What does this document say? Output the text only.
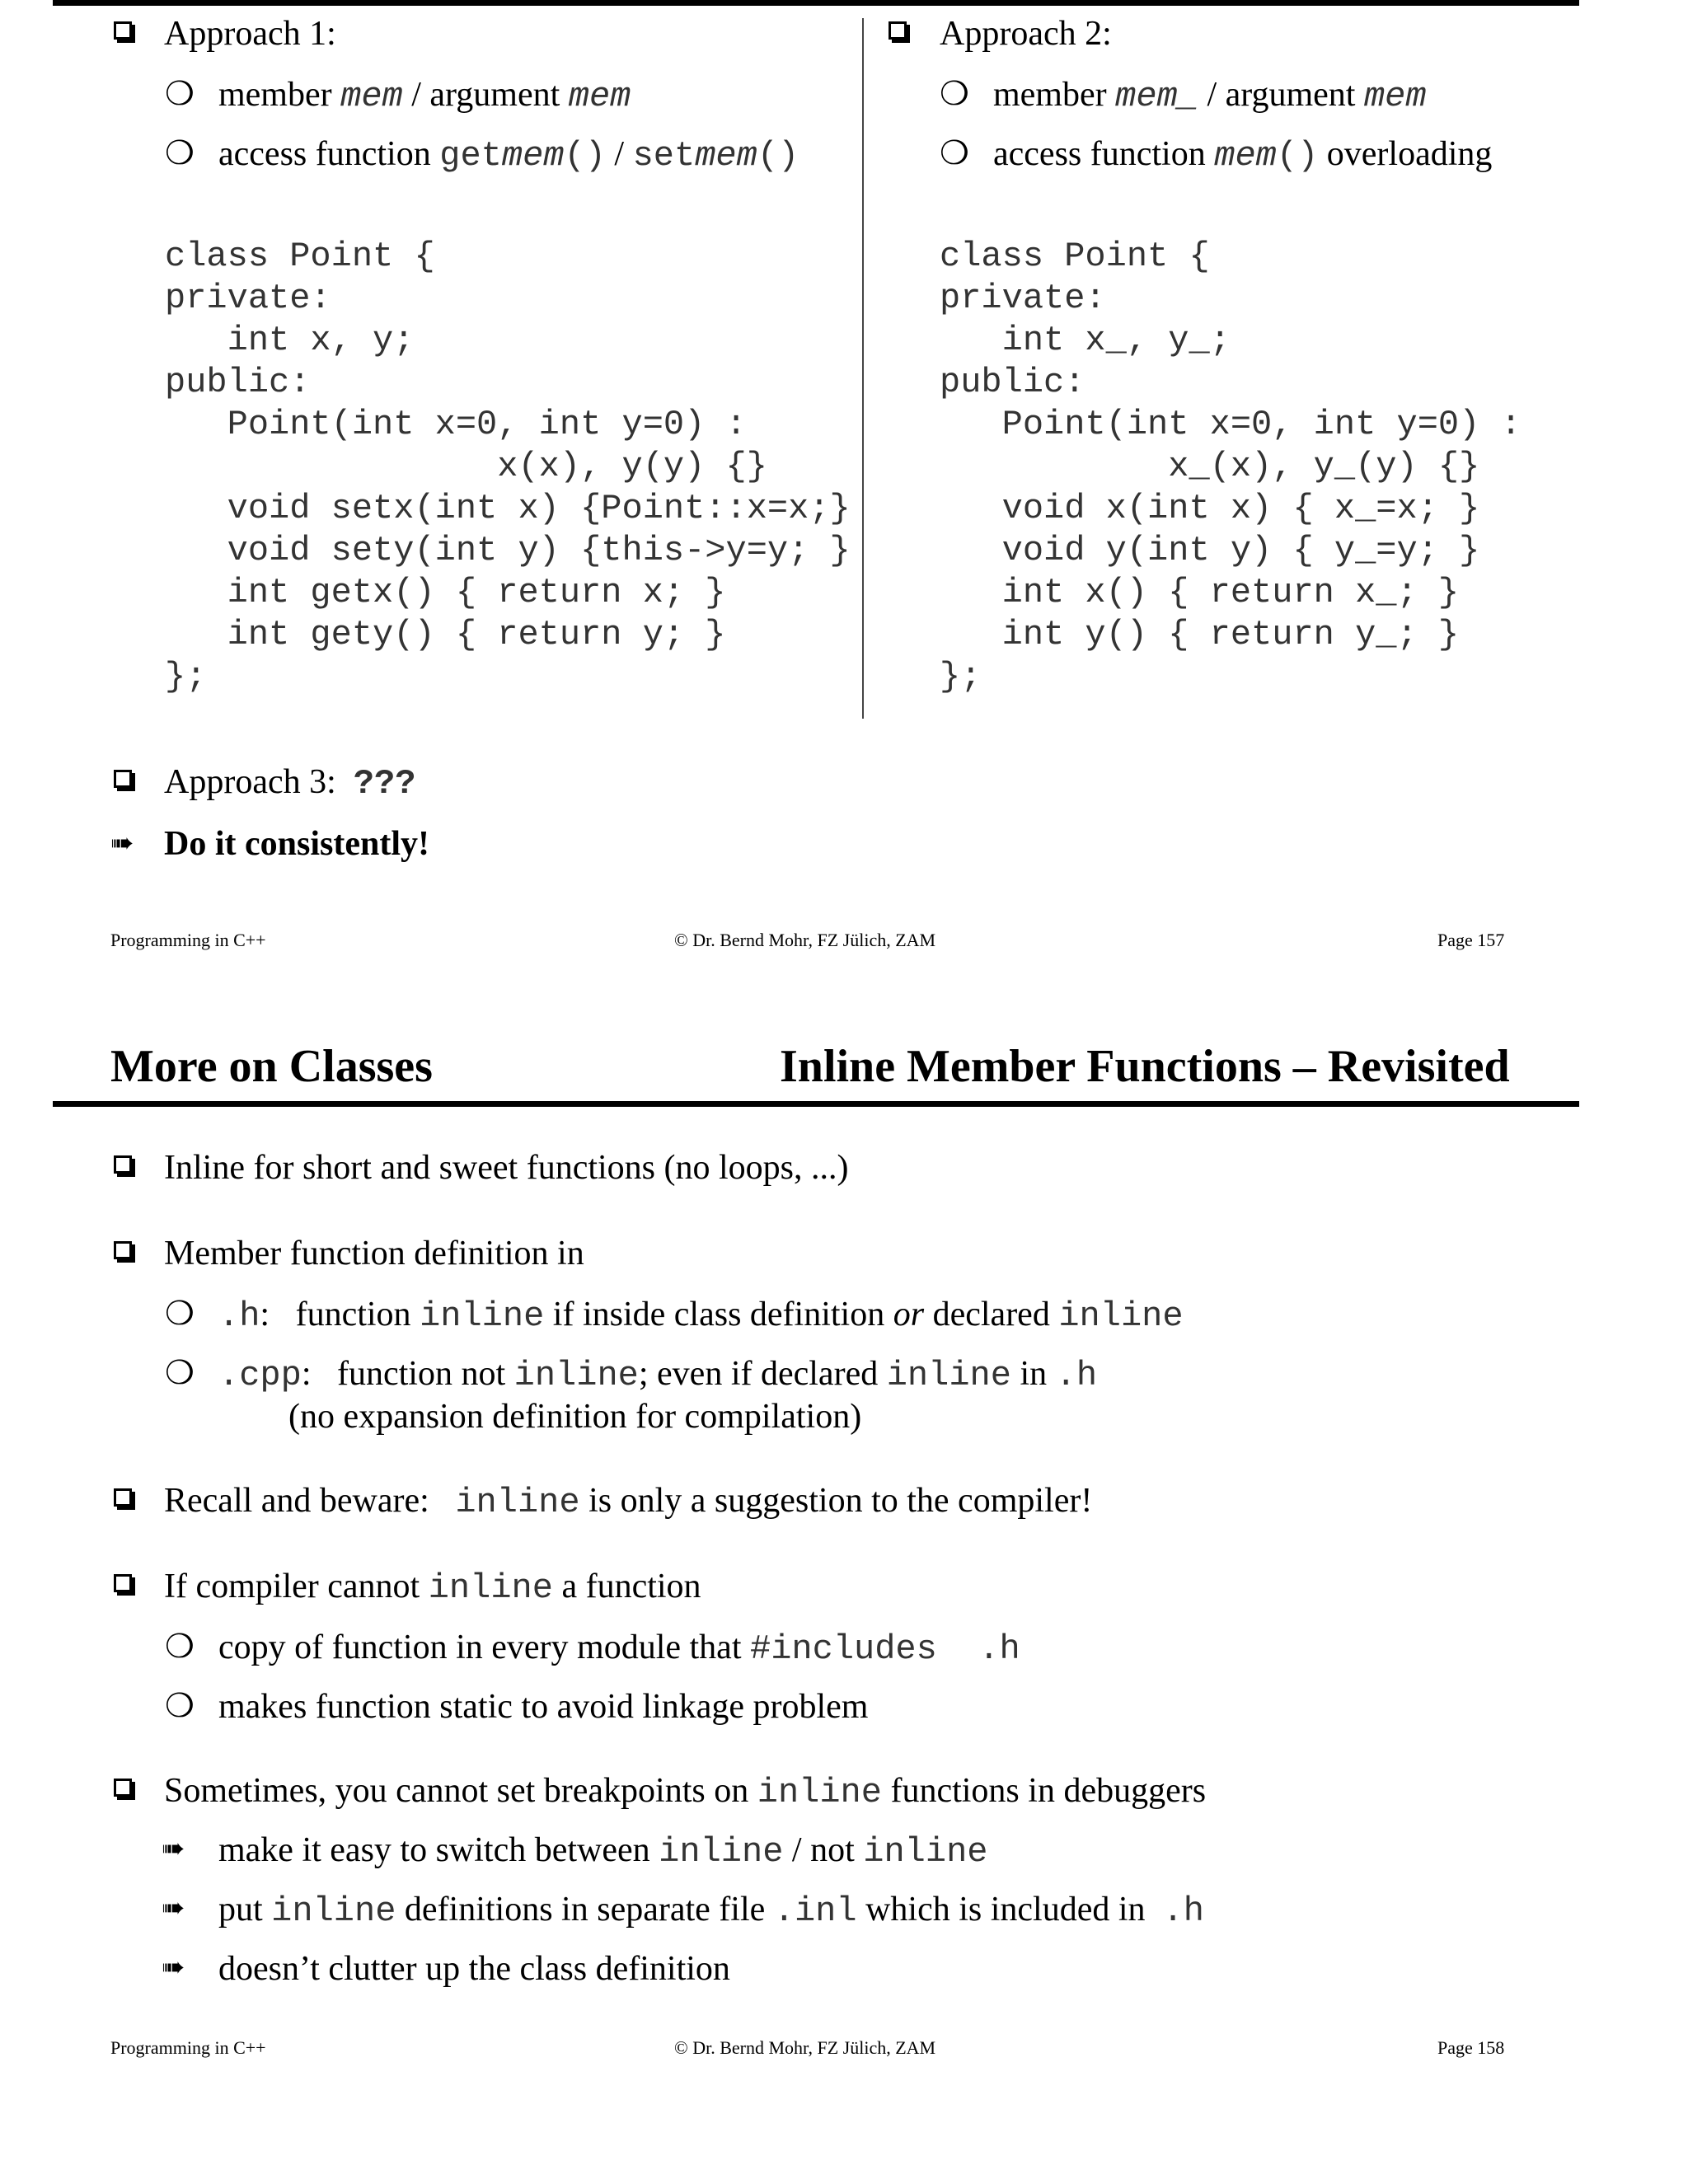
Approach 1:
❍ member mem / argument mem
❍ access function getmem() / setmem()
class Point {
private:
int x, y;
public:
Point(int x=0, int y=0) :
x(x), y(y) {}
void setx(int x) {Point::x=x;}
void sety(int y) {this->y=y; }
int getx() { return x; }
int gety() { return y; }
};
Approach 2:
❍ member mem_ / argument mem
❍ access function mem() overloading
class Point {
private:
int x_, y_;
public:
Point(int x=0, int y=0) :
x_(x), y_(y) {}
void x(int x) { x_=x; }
void y(int y) { y_=y; }
int x() { return x_; }
int y() { return y_; }
};
Approach 3: ???
➠ Do it consistently!
Programming in C++	© Dr. Bernd Mohr, FZ Jülich, ZAM	Page 157
More on Classes	Inline Member Functions – Revisited
Inline for short and sweet functions (no loops, ...)
Member function definition in
❍ .h:   function inline if inside class definition or declared inline
❍ .cpp:   function not inline; even if declared inline in .h
(no expansion definition for compilation)
Recall and beware:   inline is only a suggestion to the compiler!
If compiler cannot inline a function
❍ copy of function in every module that #includes  .h
❍ makes function static to avoid linkage problem
Sometimes, you cannot set breakpoints on inline functions in debuggers
➠ make it easy to switch between inline / not inline
➠ put inline definitions in separate file .inl which is included in  .h
➠ doesn’t clutter up the class definition
Programming in C++	© Dr. Bernd Mohr, FZ Jülich, ZAM	Page 158
